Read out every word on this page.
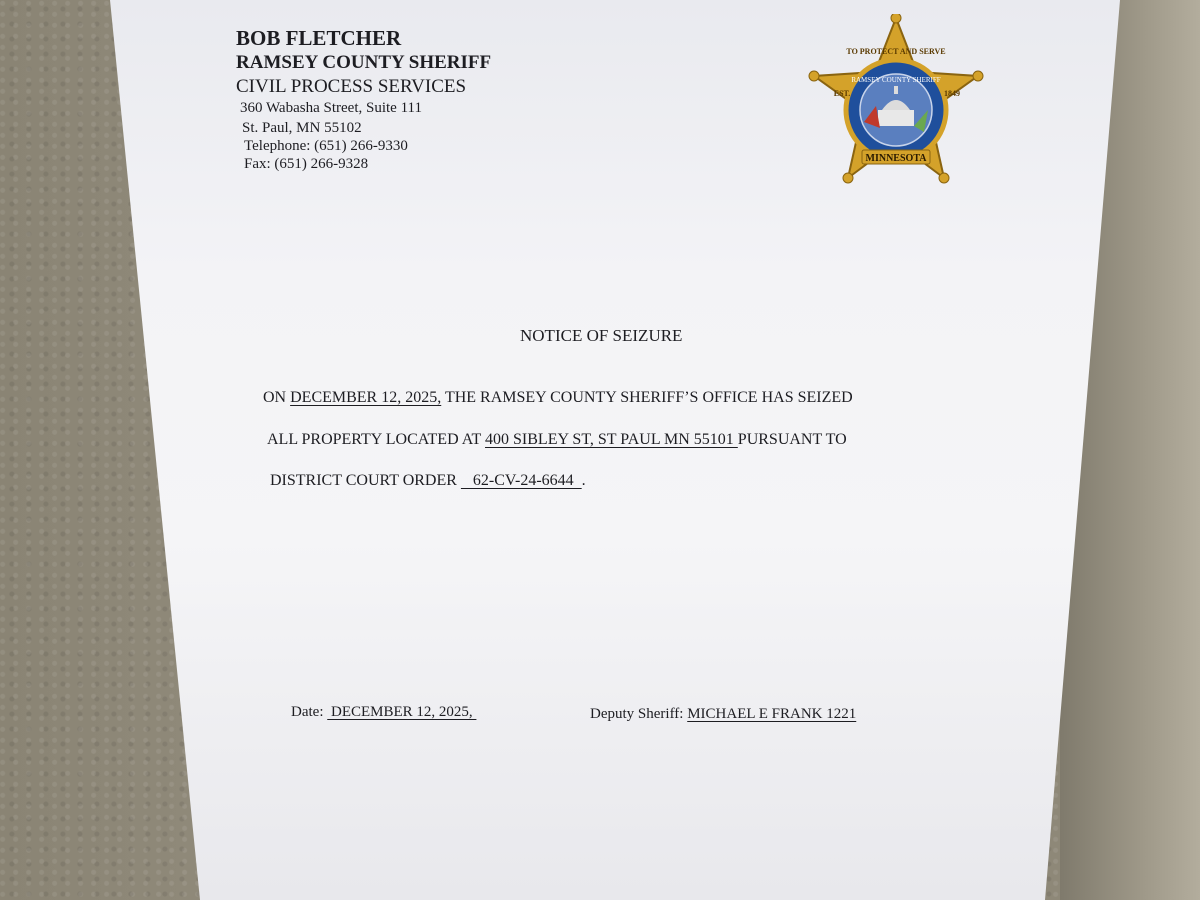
BOB FLETCHER
RAMSEY COUNTY SHERIFF
CIVIL PROCESS SERVICES
360 Wabasha Street, Suite 111
St. Paul, MN 55102
Telephone: (651) 266-9330
Fax: (651) 266-9328
RAMSEY COUNTY SHERIFF
TO PROTECT AND SERVE
EST.	1849
MINNESOTA
NOTICE OF SEIZURE
ON DECEMBER 12, 2025, THE RAMSEY COUNTY SHERIFF’S OFFICE HAS SEIZED
ALL PROPERTY LOCATED AT 400 SIBLEY ST, ST PAUL MN 55101 PURSUANT TO
DISTRICT COURT ORDER    62-CV-24-6644  .
Date:  DECEMBER 12, 2025,	Deputy Sheriff: MICHAEL E FRANK 1221
